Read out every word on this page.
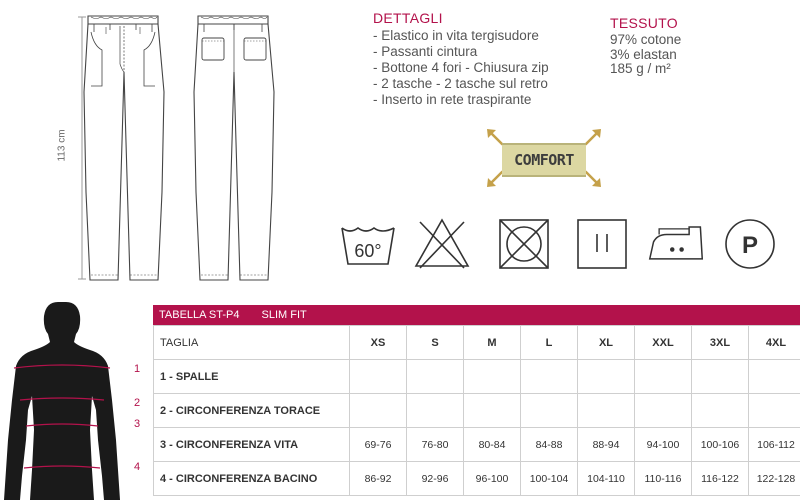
113 cm
DETTAGLI
- Elastico in vita tergisudore
- Passanti cintura
- Bottone 4 fori - Chiusura zip
- 2 tasche - 2 tasche sul retro
- Inserto in rete traspirante
TESSUTO
97% cotone
3% elastan
185 g / m²
COMFORT
60°	P
1
2
3
4
TABELLA ST-P4 SLIM FIT
TAGLIA	XS	S	M	L	XL	XXL	3XL	4XL
1 - SPALLE								
2 - CIRCONFERENZA TORACE								
3 - CIRCONFERENZA VITA	69-76	76-80	80-84	84-88	88-94	94-100	100-106	106-112
4 - CIRCONFERENZA BACINO	86-92	92-96	96-100	100-104	104-110	110-116	116-122	122-128
